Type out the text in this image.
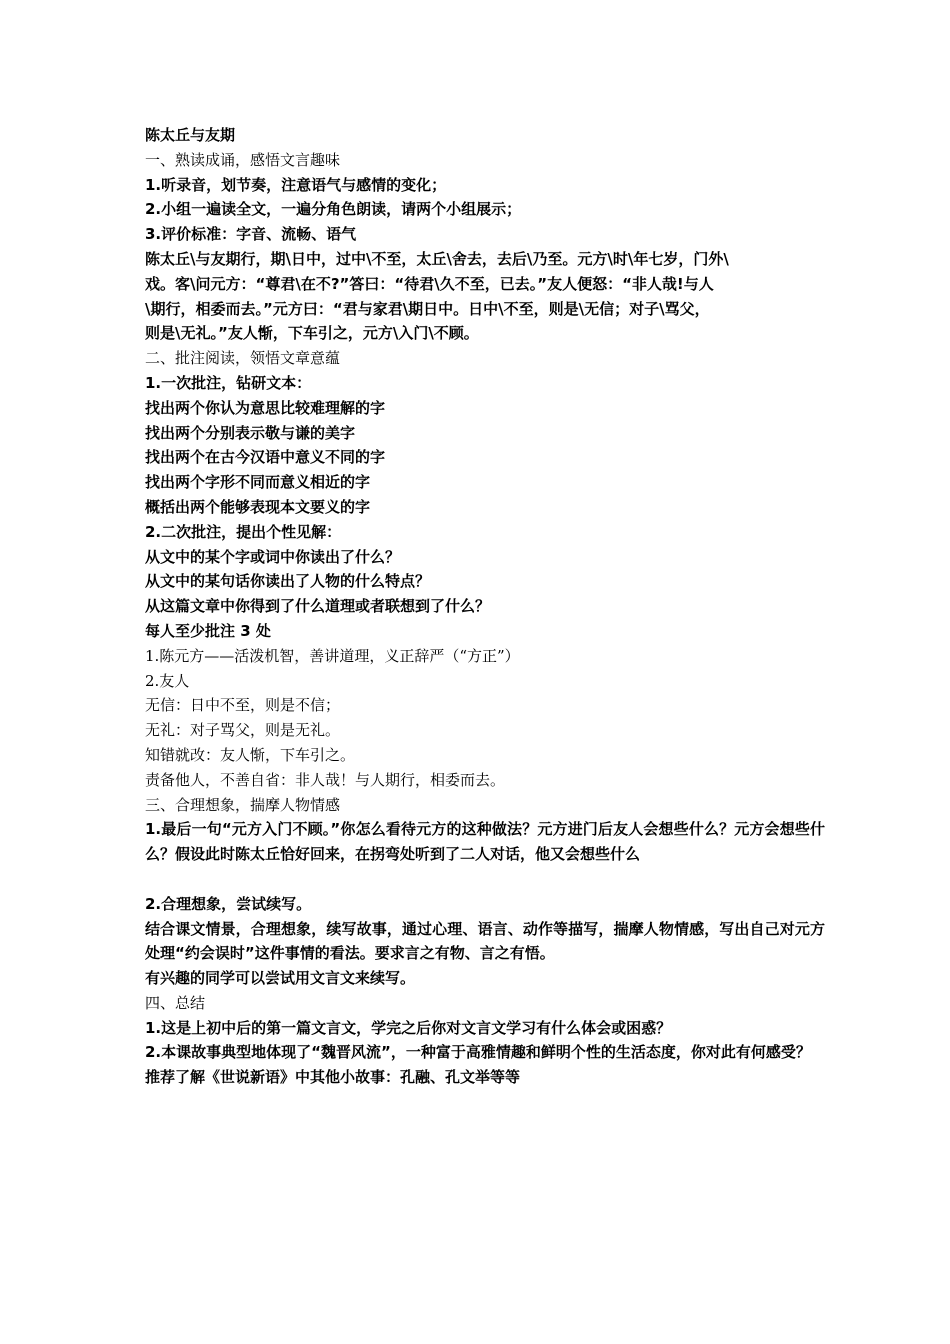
陈太丘与友期
一、熟读成诵，感悟文言趣味
1.听录音，划节奏，注意语气与感情的变化；
2.小组一遍读全文，一遍分角色朗读，请两个小组展示；
3.评价标准：字音、流畅、语气
陈太丘\与友期行，期\日中，过中\不至，太丘\舍去，去后\乃至。元方\时\年七岁，门外\
戏。客\问元方：“尊君\在不?”答曰：“待君\久不至，已去。”友人便怒：“非人哉!与人
\期行，相委而去。”元方曰：“君与家君\期日中。日中\不至，则是\无信；对子\骂父，
则是\无礼。”友人惭，下车引之，元方\入门\不顾。
二、批注阅读，领悟文章意蕴
1.一次批注，钻研文本：
找出两个你认为意思比较难理解的字
找出两个分别表示敬与谦的美字
找出两个在古今汉语中意义不同的字
找出两个字形不同而意义相近的字
概括出两个能够表现本文要义的字
2.二次批注，提出个性见解：
从文中的某个字或词中你读出了什么？
从文中的某句话你读出了人物的什么特点？
从这篇文章中你得到了什么道理或者联想到了什么？
每人至少批注 3 处
1.陈元方——活泼机智，善讲道理，义正辞严（“方正”）
2.友人
无信：日中不至，则是不信；
无礼：对子骂父，则是无礼。
知错就改：友人惭，下车引之。
责备他人，不善自省：非人哉！与人期行，相委而去。
三、合理想象，揣摩人物情感
1.最后一句“元方入门不顾。”你怎么看待元方的这种做法？元方进门后友人会想些什么？元方会想些什么？假设此时陈太丘恰好回来，在拐弯处听到了二人对话，他又会想些什么
2.合理想象，尝试续写。
结合课文情景，合理想象，续写故事，通过心理、语言、动作等描写，揣摩人物情感，写出自己对元方处理“约会误时”这件事情的看法。要求言之有物、言之有悟。
有兴趣的同学可以尝试用文言文来续写。
四、总结
1.这是上初中后的第一篇文言文，学完之后你对文言文学习有什么体会或困惑？
2.本课故事典型地体现了“魏晋风流”，一种富于高雅情趣和鲜明个性的生活态度，你对此有何感受？
推荐了解《世说新语》中其他小故事：孔融、孔文举等等
